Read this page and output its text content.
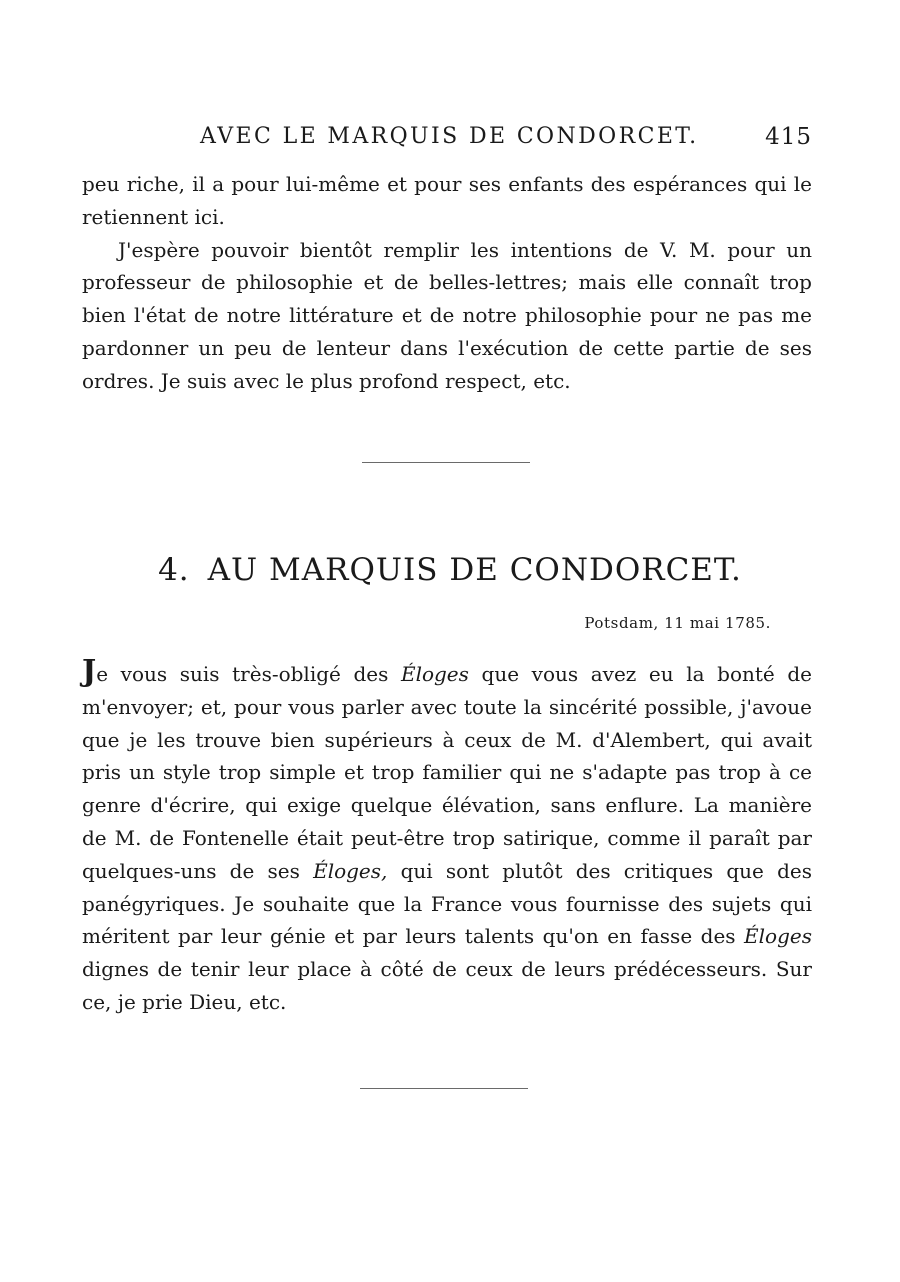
AVEC LE MARQUIS DE CONDORCET.	415

peu riche, il a pour lui-même et pour ses enfants des espérances qui le retiennent ici.

J'espère pouvoir bientôt remplir les intentions de V. M. pour un professeur de philosophie et de belles-lettres; mais elle connaît trop bien l'état de notre littérature et de notre philosophie pour ne pas me pardonner un peu de lenteur dans l'exécution de cette partie de ses ordres. Je suis avec le plus profond respect, etc.

4. AU MARQUIS DE CONDORCET.
Potsdam, 11 mai 1785.

Je vous suis très-obligé des Éloges que vous avez eu la bonté de m'envoyer; et, pour vous parler avec toute la sincérité possible, j'avoue que je les trouve bien supérieurs à ceux de M. d'Alembert, qui avait pris un style trop simple et trop familier qui ne s'adapte pas trop à ce genre d'écrire, qui exige quelque élévation, sans enflure. La manière de M. de Fontenelle était peut-être trop satirique, comme il paraît par quelques-uns de ses Éloges, qui sont plutôt des critiques que des panégyriques. Je souhaite que la France vous fournisse des sujets qui méritent par leur génie et par leurs talents qu'on en fasse des Éloges dignes de tenir leur place à côté de ceux de leurs prédécesseurs. Sur ce, je prie Dieu, etc.
